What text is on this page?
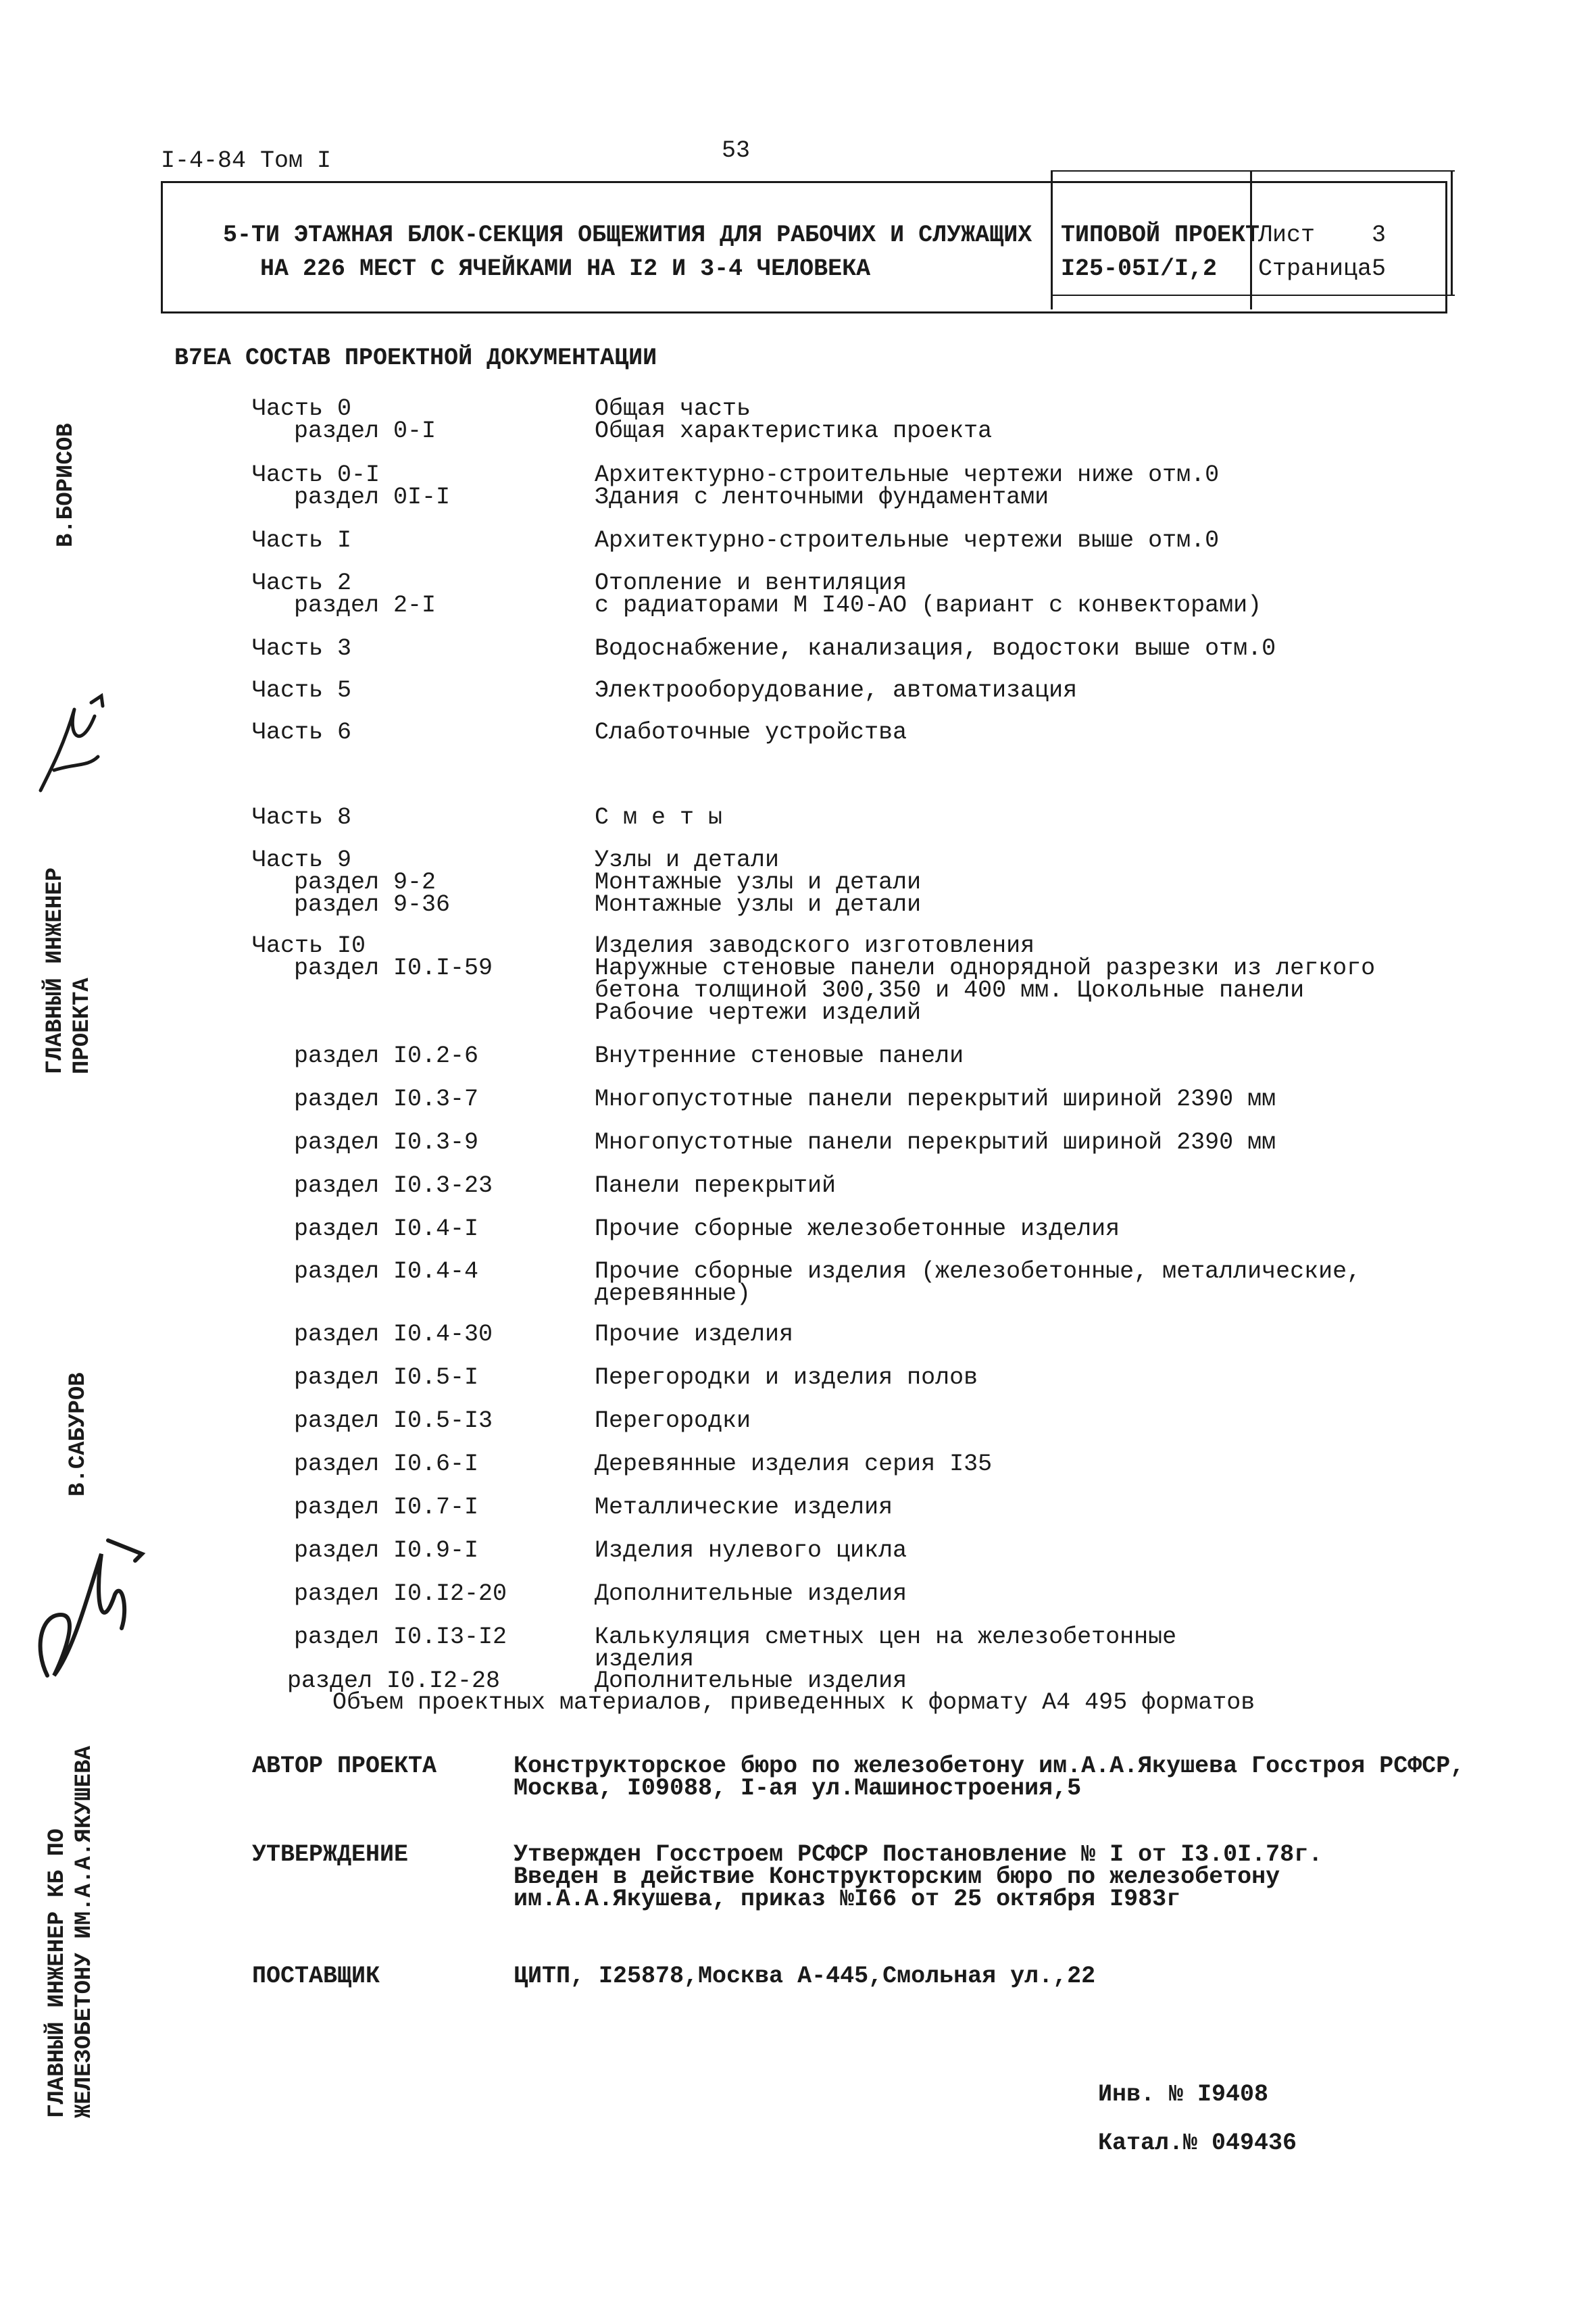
I-4-84 Том I	53
5-ТИ ЭТАЖНАЯ БЛОК-СЕКЦИЯ ОБЩЕЖИТИЯ ДЛЯ РАБОЧИХ И СЛУЖАЩИХ
НА 226 МЕСТ С ЯЧЕЙКАМИ НА I2 И 3-4 ЧЕЛОВЕКА
ТИПОВОЙ ПРОЕКТ
I25-05I/I,2
Лист 3
Страница 5
В7ЕА СОСТАВ ПРОЕКТНОЙ ДОКУМЕНТАЦИИ
Часть 0	Общая часть
раздел 0-I	Общая характеристика проекта
Часть 0-I	Архитектурно-строительные чертежи ниже отм.0
раздел 0I-I	Здания с ленточными фундаментами
Часть I	Архитектурно-строительные чертежи выше отм.0
Часть 2	Отопление и вентиляция
раздел 2-I	с радиаторами М I40-АО (вариант с конвекторами)
Часть 3	Водоснабжение, канализация, водостоки выше отм.0
Часть 5	Электрооборудование, автоматизация
Часть 6	Слаботочные устройства
Часть 8	С м е т ы
Часть 9	Узлы и детали
раздел 9-2	Монтажные узлы и детали
раздел 9-36	Монтажные узлы и детали
Часть I0	Изделия заводского изготовления
раздел I0.I-59	Наружные стеновые панели однорядной разрезки из легкого
бетона толщиной 300,350 и 400 мм. Цокольные панели
Рабочие чертежи изделий
раздел I0.2-6	Внутренние стеновые панели
раздел I0.3-7	Многопустотные панели перекрытий шириной 2390 мм
раздел I0.3-9	Многопустотные панели перекрытий шириной 2390 мм
раздел I0.3-23	Панели перекрытий
раздел I0.4-I	Прочие сборные железобетонные изделия
раздел I0.4-4	Прочие сборные изделия (железобетонные, металлические,
деревянные)
раздел I0.4-30	Прочие изделия
раздел I0.5-I	Перегородки и изделия полов
раздел I0.5-I3	Перегородки
раздел I0.6-I	Деревянные изделия серия I35
раздел I0.7-I	Металлические изделия
раздел I0.9-I	Изделия нулевого цикла
раздел I0.I2-20	Дополнительные изделия
раздел I0.I3-I2	Калькуляция сметных цен на железобетонные
изделия
раздел I0.I2-28	Дополнительные изделия
Объем проектных материалов, приведенных к формату А4 495 форматов
АВТОР ПРОЕКТА	Конструкторское бюро по железобетону им.А.А.Якушева Госстроя РСФСР,
Москва, I09088, I-ая ул.Машиностроения,5
УТВЕРЖДЕНИЕ	Утвержден Госстроем РСФСР Постановление № I от I3.0I.78г.
Введен в действие Конструкторским бюро по железобетону
им.А.А.Якушева, приказ №I66 от 25 октября I983г
ПОСТАВЩИК	ЦИТП, I25878,Москва А-445,Смольная ул.,22
Инв. № I9408
Катал.№ 049436
В.БОРИСОВ
ГЛАВНЫЙ ИНЖЕНЕР ПРОЕКТА
В.САБУРОВ
ГЛАВНЫЙ ИНЖЕНЕР КБ ПО ЖЕЛЕЗОБЕТОНУ ИМ.А.А.ЯКУШЕВА
